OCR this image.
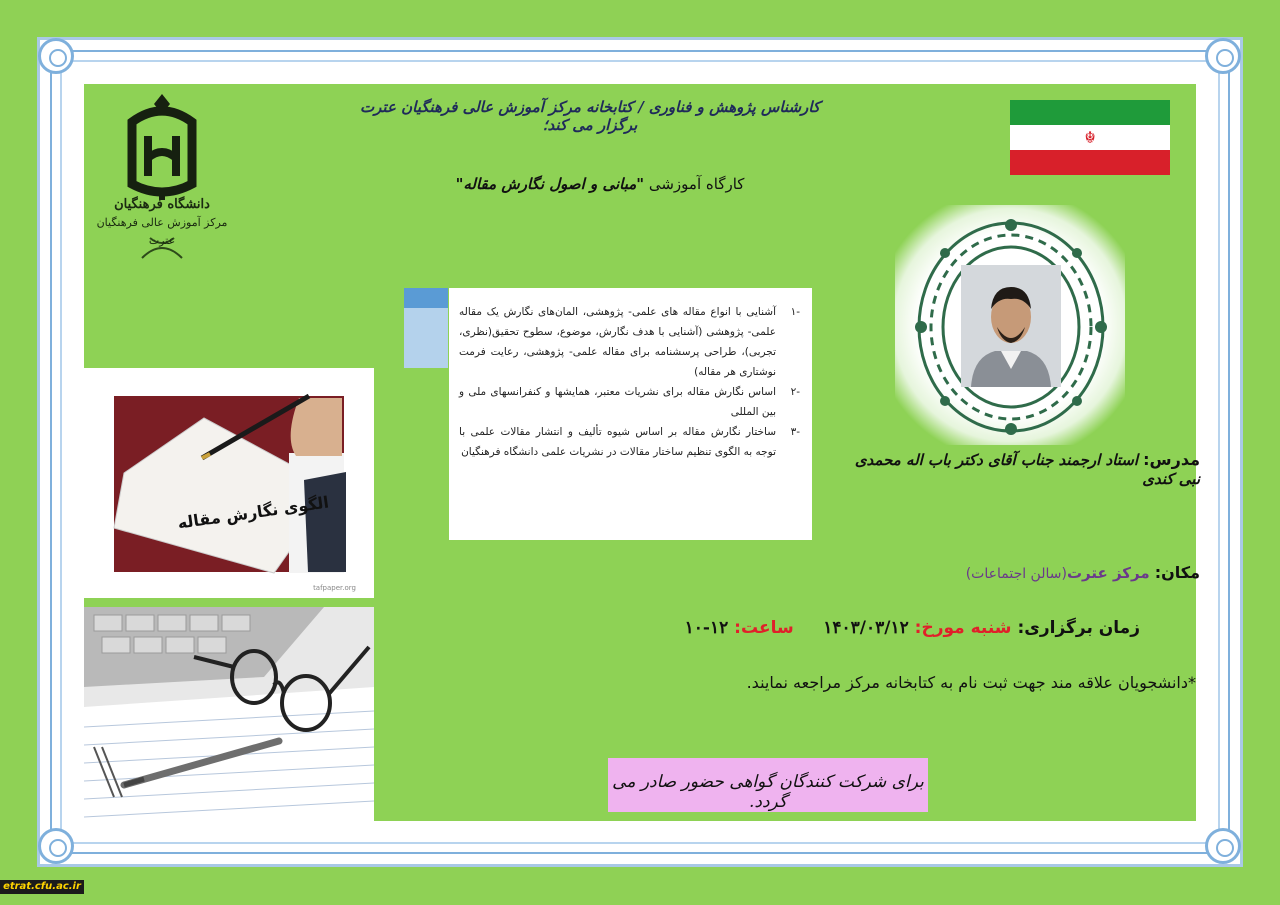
دانشگاه فرهنگیان
مرکز آموزش عالی فرهنگیان عترت
کارشناس پژوهش و فناوری / کتابخانه مرکز آموزش عالی فرهنگیان عترت برگزار می کند؛
کارگاه آموزشی "مبانی و اصول نگارش مقاله"
☬
مدرس: استاد ارجمند جناب آقای دکتر باب اله محمدی نبی کندی
-۱
آشنایی با انواع مقاله های علمی- پژوهشی، المان‌های نگارش یک مقاله علمی- پژوهشی (آشنایی با هدف نگارش، موضوع، سطوح تحقیق(نظری، تجربی)، طراحی پرسشنامه برای مقاله علمی- پژوهشی، رعایت فرمت نوشتاری هر مقاله)
-۲
اساس نگارش مقاله برای نشریات معتبر، همایشها و کنفرانسهای ملی و بین المللی
-۳
ساختار نگارش مقاله بر اساس شیوه تألیف و انتشار مقالات علمی با توجه به الگوی تنظیم ساختار مقالات در نشریات علمی دانشگاه فرهنگیان
الگوی نگارش مقاله
tafpaper.org
مکان: مرکز عترت(سالن اجتماعات)
زمان برگزاری: شنبه مورخ: ۱۴۰۳/۰۳/۱۲     ساعت: ۱۲-۱۰
*دانشجویان علاقه مند جهت ثبت نام به کتابخانه مرکز مراجعه نمایند.
برای شرکت کنندگان گواهی حضور صادر می گردد.
etrat.cfu.ac.ir
